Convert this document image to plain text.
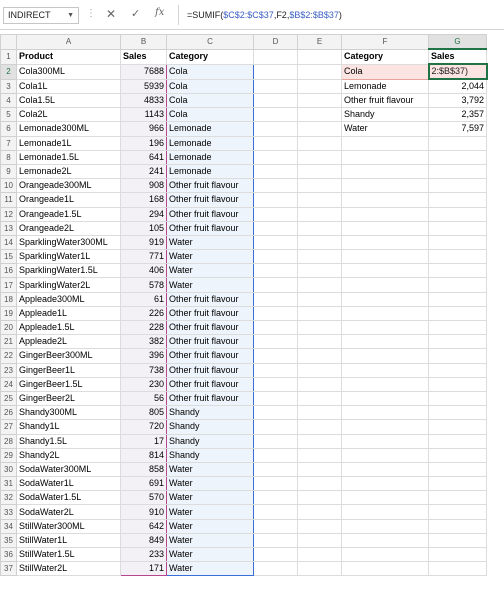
INDIRECT ▼ ⋮ ✕ ✓ fx	=SUMIF($C$2:$C$37,F2,$B$2:$B$37)
	A	B	C	D	E	F	G
1	Product	Sales	Category			Category	Sales
2	Cola300ML	7688	Cola			Cola	2:$B$37)
3	Cola1L	5939	Cola			Lemonade	2,044
4	Cola1.5L	4833	Cola			Other fruit flavour	3,792
5	Cola2L	1143	Cola			Shandy	2,357
6	Lemonade300ML	966	Lemonade			Water	7,597
7	Lemonade1L	196	Lemonade				
8	Lemonade1.5L	641	Lemonade				
9	Lemonade2L	241	Lemonade				
10	Orangeade300ML	908	Other fruit flavour				
11	Orangeade1L	168	Other fruit flavour				
12	Orangeade1.5L	294	Other fruit flavour				
13	Orangeade2L	105	Other fruit flavour				
14	SparklingWater300ML	919	Water				
15	SparklingWater1L	771	Water				
16	SparklingWater1.5L	406	Water				
17	SparklingWater2L	578	Water				
18	Appleade300ML	61	Other fruit flavour				
19	Appleade1L	226	Other fruit flavour				
20	Appleade1.5L	228	Other fruit flavour				
21	Appleade2L	382	Other fruit flavour				
22	GingerBeer300ML	396	Other fruit flavour				
23	GingerBeer1L	738	Other fruit flavour				
24	GingerBeer1.5L	230	Other fruit flavour				
25	GingerBeer2L	56	Other fruit flavour				
26	Shandy300ML	805	Shandy				
27	Shandy1L	720	Shandy				
28	Shandy1.5L	17	Shandy				
29	Shandy2L	814	Shandy				
30	SodaWater300ML	858	Water				
31	SodaWater1L	691	Water				
32	SodaWater1.5L	570	Water				
33	SodaWater2L	910	Water				
34	StillWater300ML	642	Water				
35	StillWater1L	849	Water				
36	StillWater1.5L	233	Water				
37	StillWater2L	171	Water				
